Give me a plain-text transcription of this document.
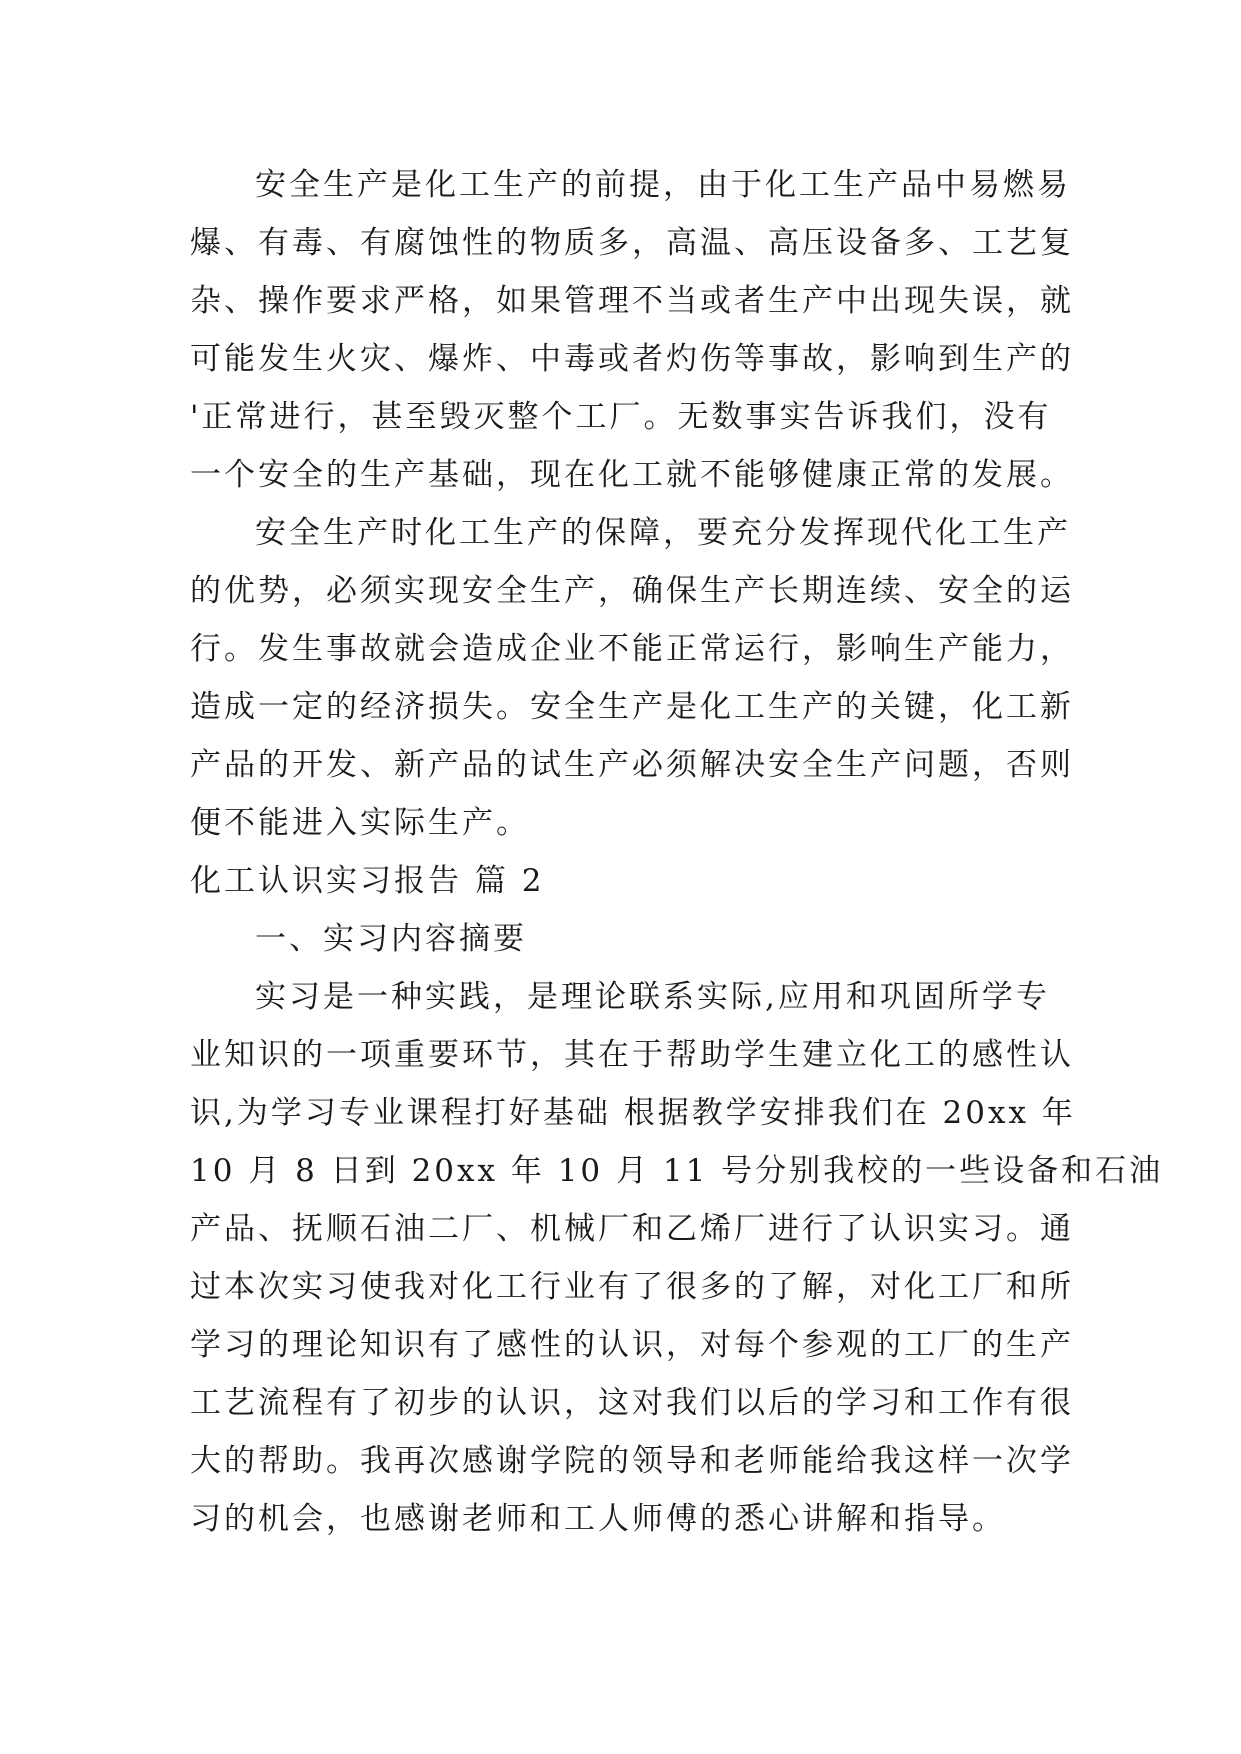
安全生产是化工生产的前提，由于化工生产品中易燃易
爆、有毒、有腐蚀性的物质多，高温、高压设备多、工艺复
杂、操作要求严格，如果管理不当或者生产中出现失误，就
可能发生火灾、爆炸、中毒或者灼伤等事故，影响到生产的
'正常进行，甚至毁灭整个工厂。无数事实告诉我们，没有
一个安全的生产基础，现在化工就不能够健康正常的发展。
安全生产时化工生产的保障，要充分发挥现代化工生产
的优势，必须实现安全生产，确保生产长期连续、安全的运
行。发生事故就会造成企业不能正常运行，影响生产能力，
造成一定的经济损失。安全生产是化工生产的关键，化工新
产品的开发、新产品的试生产必须解决安全生产问题，否则
便不能进入实际生产。
化工认识实习报告 篇 2
一、实习内容摘要
实习是一种实践，是理论联系实际,应用和巩固所学专
业知识的一项重要环节，其在于帮助学生建立化工的感性认
识,为学习专业课程打好基础 根据教学安排我们在 20xx 年
10 月 8 日到 20xx 年 10 月 11 号分别我校的一些设备和石油
产品、抚顺石油二厂、机械厂和乙烯厂进行了认识实习。通
过本次实习使我对化工行业有了很多的了解，对化工厂和所
学习的理论知识有了感性的认识，对每个参观的工厂的生产
工艺流程有了初步的认识，这对我们以后的学习和工作有很
大的帮助。我再次感谢学院的领导和老师能给我这样一次学
习的机会，也感谢老师和工人师傅的悉心讲解和指导。
